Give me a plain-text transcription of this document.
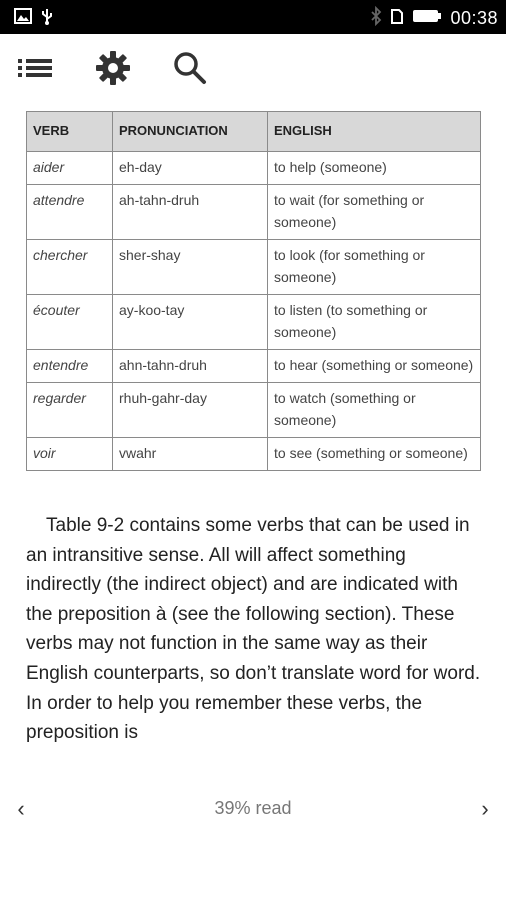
00:38
VERB	PRONUNCIATION	ENGLISH
aider	eh-day	to help (someone)
attendre	ah-tahn-druh	to wait (for something or someone)
chercher	sher-shay	to look (for something or someone)
écouter	ay-koo-tay	to listen (to something or someone)
entendre	ahn-tahn-druh	to hear (something or someone)
regarder	rhuh-gahr-day	to watch (something or someone)
voir	vwahr	to see (something or someone)

Table 9-2 contains some verbs that can be used in an intransitive sense. All will affect something indirectly (the indirect object) and are indicated with the preposition à (see the following section). These verbs may not function in the same way as their English counterparts, so don’t translate word for word. In order to help you remember these verbs, the preposition is

‹	39% read	›
